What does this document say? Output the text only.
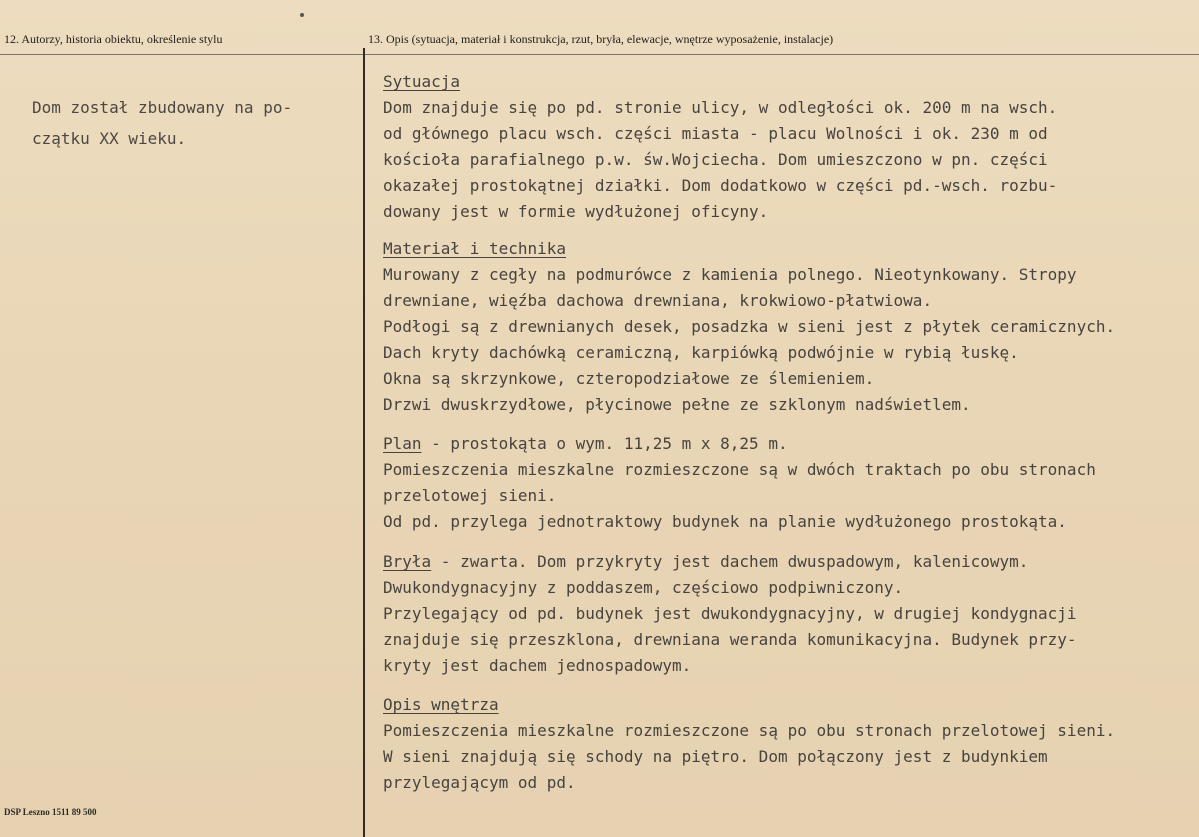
12. Autorzy, historia obiektu, określenie stylu	13. Opis (sytuacja, materiał i konstrukcja, rzut, bryła, elewacje, wnętrze wyposażenie, instalacje)
Dom został zbudowany na po-
czątku XX wieku.
Sytuacja
Dom znajduje się po pd. stronie ulicy, w odległości ok. 200 m na wsch.
od głównego placu wsch. części miasta - placu Wolności i ok. 230 m od
kościoła parafialnego p.w. św.Wojciecha. Dom umieszczono w pn. części
okazałej prostokątnej działki. Dom dodatkowo w części pd.-wsch. rozbu-
dowany jest w formie wydłużonej oficyny.
Materiał i technika
Murowany z cegły na podmurówce z kamienia polnego. Nieotynkowany. Stropy
drewniane, więźba dachowa drewniana, krokwiowo-płatwiowa.
Podłogi są z drewnianych desek, posadzka w sieni jest z płytek ceramicznych.
Dach kryty dachówką ceramiczną, karpiówką podwójnie w rybią łuskę.
Okna są skrzynkowe, czteropodziałowe ze ślemieniem.
Drzwi dwuskrzydłowe, płycinowe pełne ze szklonym nadświetlem.
Plan - prostokąta o wym. 11,25 m x 8,25 m.
Pomieszczenia mieszkalne rozmieszczone są w dwóch traktach po obu stronach
przelotowej sieni.
Od pd. przylega jednotraktowy budynek na planie wydłużonego prostokąta.
Bryła - zwarta. Dom przykryty jest dachem dwuspadowym, kalenicowym.
Dwukondygnacyjny z poddaszem, częściowo podpiwniczony.
Przylegający od pd. budynek jest dwukondygnacyjny, w drugiej kondygnacji
znajduje się przeszklona, drewniana weranda komunikacyjna. Budynek przy-
kryty jest dachem jednospadowym.
Opis wnętrza
Pomieszczenia mieszkalne rozmieszczone są po obu stronach przelotowej sieni.
W sieni znajdują się schody na piętro. Dom połączony jest z budynkiem
przylegającym od pd.
DSP Leszno 1511 89 500
